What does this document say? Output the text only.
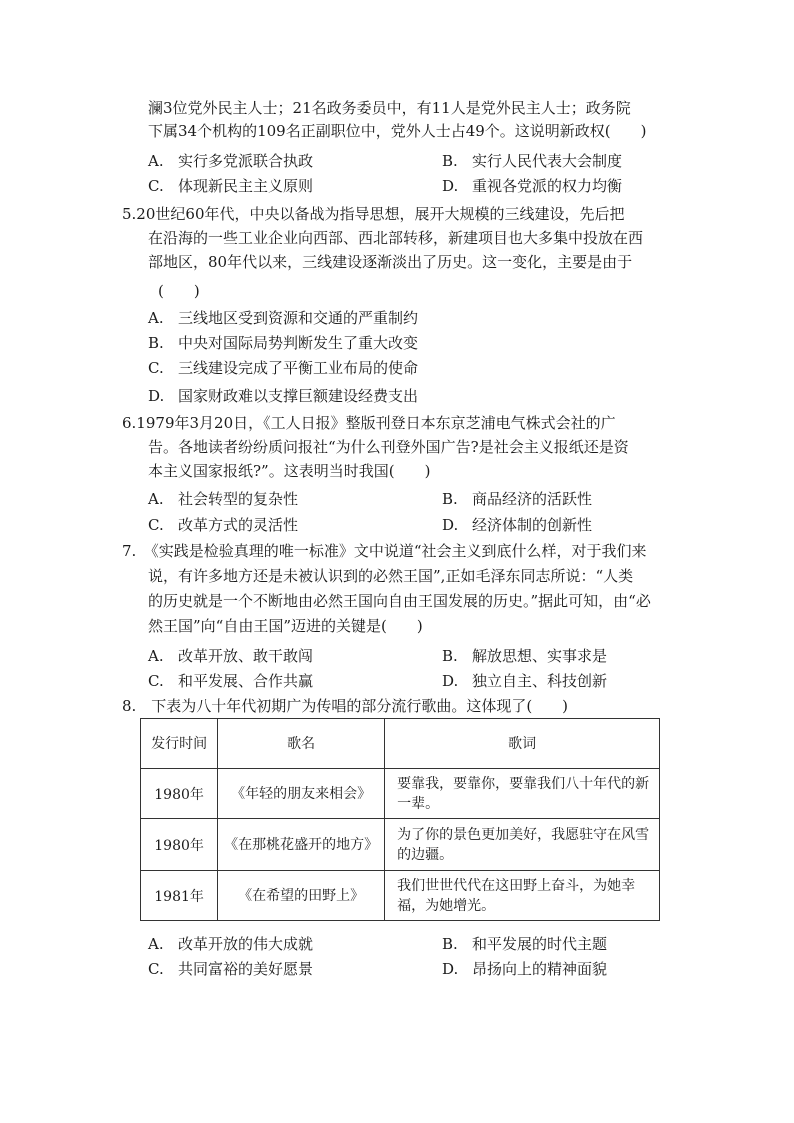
澜3位党外民主人士；21名政务委员中，有11人是党外民主人士；政务院
下属34个机构的109名正副职位中，党外人士占49个。这说明新政权(　　)
A. 实行多党派联合执政	B. 实行人民代表大会制度
C. 体现新民主主义原则	D. 重视各党派的权力均衡
5.20世纪60年代，中央以备战为指导思想，展开大规模的三线建设，先后把
在沿海的一些工业企业向西部、西北部转移，新建项目也大多集中投放在西
部地区，80年代以来，三线建设逐渐淡出了历史。这一变化，主要是由于
(　　)
A. 三线地区受到资源和交通的严重制约
B. 中央对国际局势判断发生了重大改变
C. 三线建设完成了平衡工业布局的使命
D. 国家财政难以支撑巨额建设经费支出
6.1979年3月20日，《工人日报》整版刊登日本东京芝浦电气株式会社的广
告。各地读者纷纷质问报社“为什么刊登外国广告?是社会主义报纸还是资
本主义国家报纸?”。这表明当时我国(　　)
A. 社会转型的复杂性	B. 商品经济的活跃性
C. 改革方式的灵活性	D. 经济体制的创新性
7.　《实践是检验真理的唯一标准》文中说道“社会主义到底什么样，对于我们来
说，有许多地方还是未被认识到的必然王国”,正如毛泽东同志所说：“人类
的历史就是一个不断地由必然王国向自由王国发展的历史。”据此可知，由“必
然王国”向“自由王国”迈进的关键是(　　)
A. 改革开放、敢干敢闯	B. 解放思想、实事求是
C. 和平发展、合作共赢	D. 独立自主、科技创新
8.　下表为八十年代初期广为传唱的部分流行歌曲。这体现了(　　)
发行时间	歌名	歌词
1980年	《年轻的朋友来相会》	要靠我，要靠你，要靠我们八十年代的新一辈。
1980年	《在那桃花盛开的地方》	为了你的景色更加美好，我愿驻守在风雪的边疆。
1981年	《在希望的田野上》	我们世世代代在这田野上奋斗，为她幸福，为她增光。
A. 改革开放的伟大成就	B. 和平发展的时代主题
C. 共同富裕的美好愿景	D. 昂扬向上的精神面貌
